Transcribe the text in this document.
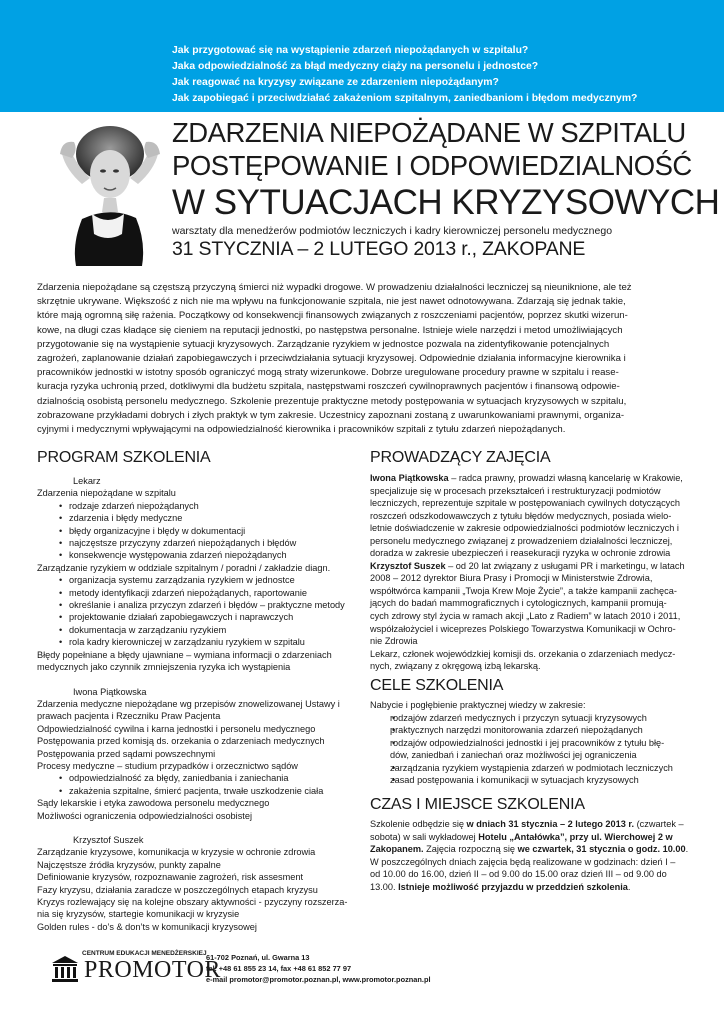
Jak przygotować się na wystąpienie zdarzeń niepożądanych w szpitalu?
Jaka odpowiedzialność za błąd medyczny ciąży na personelu i jednostce?
Jak reagować na kryzysy związane ze zdarzeniem niepożądanym?
Jak zapobiegać i przeciwdziałać zakażeniom szpitalnym, zaniedbaniom i błędom medycznym?
ZDARZENIA NIEPOŻĄDANE W SZPITALU
POSTĘPOWANIE I ODPOWIEDZIALNOŚĆ
W SYTUACJACH KRYZYSOWYCH
warsztaty dla menedżerów podmiotów leczniczych i kadry kierowniczej personelu medycznego
31 STYCZNIA – 2 LUTEGO 2013 r., ZAKOPANE
Zdarzenia niepożądane są częstszą przyczyną śmierci niż wypadki drogowe. W prowadzeniu działalności leczniczej są nieuniknione, ale też
skrzętnie ukrywane. Większość z nich nie ma wpływu na funkcjonowanie szpitala, nie jest nawet odnotowywana. Zdarzają się jednak takie,
które mają ogromną siłę rażenia. Początkowy od konsekwencji finansowych związanych z roszczeniami pacjentów, poprzez skutki wizerun-
kowe, na długi czas kładące się cieniem na reputacji jednostki, po następstwa personalne. Istnieje wiele narzędzi i metod umożliwiających
przygotowanie się na wystąpienie sytuacji kryzysowych. Zarządzanie ryzykiem w jednostce pozwala na zidentyfikowanie potencjalnych
zagrożeń, zaplanowanie działań zapobiegawczych i przeciwdziałania sytuacji kryzysowej. Odpowiednie działania informacyjne kierownika i
pracowników jednostki w istotny sposób ograniczyć mogą straty wizerunkowe. Dobrze uregulowane procedury prawne w szpitalu i rease-
kuracja ryzyka uchronią przed, dotkliwymi dla budżetu szpitala, następstwami roszczeń cywilnoprawnych pacjentów i finansową odpowie-
dzialnością osobistą personelu medycznego. Szkolenie prezentuje praktyczne metody postępowania w sytuacjach kryzysowych w szpitalu,
zobrazowane przykładami dobrych i złych praktyk w tym zakresie. Uczestnicy zapoznani zostaną z uwarunkowaniami prawnymi, organiza-
cyjnymi i medycznymi wpływającymi na odpowiedzialność kierownika i pracowników szpitali z tytułu zdarzeń niepożądanych.
PROGRAM SZKOLENIA
Lekarz
Zdarzenia niepożądane w szpitalu
• rodzaje zdarzeń niepożądanych
• zdarzenia i błędy medyczne
• błędy organizacyjne i błędy w dokumentacji
• najczęstsze przyczyny zdarzeń niepożądanych i błędów
• konsekwencje występowania zdarzeń niepożądanych
Zarządzanie ryzykiem w oddziale szpitalnym / poradni / zakładzie diagn.
• organizacja systemu zarządzania ryzykiem w jednostce
• metody identyfikacji zdarzeń niepożądanych, raportowanie
• określanie i analiza przyczyn zdarzeń i błędów – praktyczne metody
• projektowanie działań zapobiegawczych i naprawczych
• dokumentacja w zarządzaniu ryzykiem
• rola kadry kierowniczej w zarządzaniu ryzykiem w szpitalu
Błędy popełniane a błędy ujawniane – wymiana informacji o zdarzeniach
medycznych jako czynnik zmniejszenia ryzyka ich wystąpienia
Iwona Piątkowska
Zdarzenia medyczne niepożądane wg przepisów znowelizowanej Ustawy i
prawach pacjenta i Rzeczniku Praw Pacjenta
Odpowiedzialność cywilna i karna jednostki i personelu medycznego
Postępowania przed komisją ds. orzekania o zdarzeniach medycznych
Postępowania przed sądami powszechnymi
Procesy medyczne – studium przypadków i orzecznictwo sądów
• odpowiedzialność za błędy, zaniedbania i zaniechania
• zakażenia szpitalne, śmierć pacjenta, trwałe uszkodzenie ciała
Sądy lekarskie i etyka zawodowa personelu medycznego
Możliwości ograniczenia odpowiedzialności osobistej
Krzysztof Suszek
Zarządzanie kryzysowe, komunikacja w kryzysie w ochronie zdrowia
Najczęstsze źródła kryzysów, punkty zapalne
Definiowanie kryzysów, rozpoznawanie zagrożeń, risk assesment
Fazy kryzysu, działania zaradcze w poszczególnych etapach kryzysu
Kryzys rozlewający się na kolejne obszary aktywności - pzyczyny rozszerza-
nia się kryzysów, startegie komunikacji w kryzysie
Golden rules - do’s & don’ts w komunikacji kryzysowej
PROWADZĄCY ZAJĘCIA
Iwona Piątkowska – radca prawny, prowadzi własną kancelarię w Krakowie,
specjalizuje się w procesach przekształceń i restrukturyzacji podmiotów
leczniczych, reprezentuje szpitale w postępowaniach cywilnych dotyczących
roszczeń odszkodowawczych z tytułu błędów medycznych, posiada wielo-
letnie doświadczenie w zakresie odpowiedzialności podmiotów leczniczych i
personelu medycznego związanej z prowadzeniem działalności leczniczej,
doradza w zakresie ubezpieczeń i reasekuracji ryzyka w ochronie zdrowia
Krzysztof Suszek – od 20 lat związany z usługami PR i marketingu, w latach
2008 – 2012 dyrektor Biura Prasy i Promocji w Ministerstwie Zdrowia,
współtwórca kampanii „Twoja Krew Moje Życie”, a także kampanii zachęca-
jących do badań mammograficznych i cytologicznych, kampanii promują-
cych zdrowy styl życia w ramach akcji „Lato z Radiem” w latach 2010 i 2011,
współzałożyciel i wiceprezes Polskiego Towarzystwa Komunikacji w Ochro-
nie Zdrowia
Lekarz, członek wojewódzkiej komisji ds. orzekania o zdarzeniach medycz-
nych, związany z okręgową izbą lekarską.
CELE SZKOLENIA
Nabycie i pogłębienie praktycznej wiedzy w zakresie:
• rodzajów zdarzeń medycznych i przyczyn sytuacji kryzysowych
• praktycznych narzędzi monitorowania zdarzeń niepożądanych
• rodzajów odpowiedzialności jednostki i jej pracowników z tytułu błę-
dów, zaniedbań i zaniechań oraz możliwości jej ograniczenia
• zarządzania ryzykiem wystąpienia zdarzeń w podmiotach leczniczych
• zasad postępowania i komunikacji w sytuacjach kryzysowych
CZAS I MIEJSCE SZKOLENIA
Szkolenie odbędzie się w dniach 31 stycznia – 2 lutego 2013 r. (czwartek –
sobota) w sali wykładowej Hotelu „Antałówka”, przy ul. Wierchowej 2 w
Zakopanem. Zajęcia rozpoczną się we czwartek, 31 stycznia o godz. 10.00.
W poszczególnych dniach zajęcia będą realizowane w godzinach: dzień I –
od 10.00 do 16.00, dzień II – od 9.00 do 15.00 oraz dzień III – od 9.00 do
13.00. Istnieje możliwość przyjazdu w przeddzień szkolenia.
CENTRUM EDUKACJI MENEDŻERSKIEJ
PROMOTOR
61-702 Poznań, ul. Gwarna 13
tel. +48 61 855 23 14, fax +48 61 852 77 97
e-mail promotor@promotor.poznan.pl, www.promotor.poznan.pl
